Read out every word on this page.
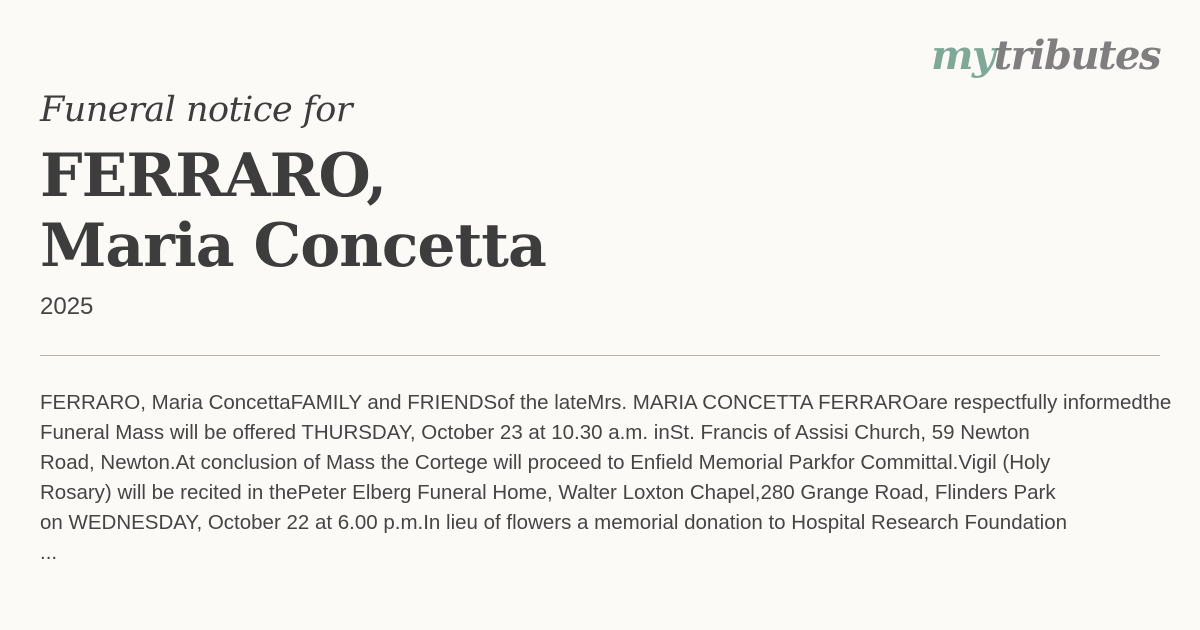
mytributes
Funeral notice for
FERRARO,
Maria Concetta
2025
FERRARO, Maria ConcettaFAMILY and FRIENDSof the lateMrs. MARIA CONCETTA FERRAROare respectfully informedthe
Funeral Mass will be offered THURSDAY, October 23 at 10.30 a.m. inSt. Francis of Assisi Church, 59 Newton
Road, Newton.At conclusion of Mass the Cortege will proceed to Enfield Memorial Parkfor Committal.Vigil (Holy
Rosary) will be recited in thePeter Elberg Funeral Home, Walter Loxton Chapel,280 Grange Road, Flinders Park
on WEDNESDAY, October 22 at 6.00 p.m.In lieu of flowers a memorial donation to Hospital Research Foundation
...
